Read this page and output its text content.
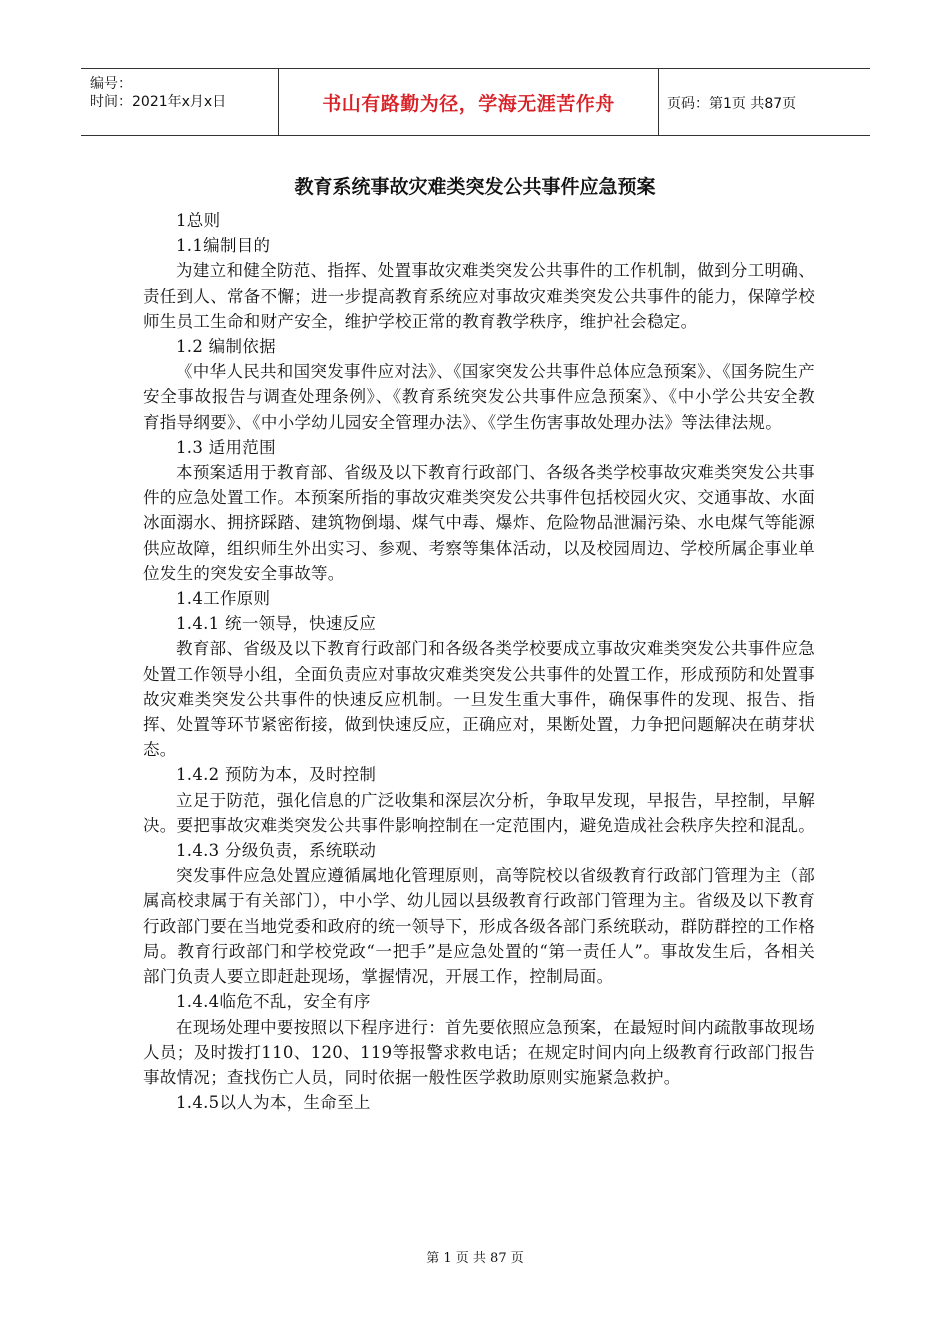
编号：
时间：2021年x月x日	书山有路勤为径，学海无涯苦作舟	页码：第1页 共87页
教育系统事故灾难类突发公共事件应急预案

1总则

1.1编制目的

为建立和健全防范、指挥、处置事故灾难类突发公共事件的工作机制，做到分工明确、责任到人、常备不懈；进一步提高教育系统应对事故灾难类突发公共事件的能力，保障学校师生员工生命和财产安全，维护学校正常的教育教学秩序，维护社会稳定。

1.2 编制依据

《中华人民共和国突发事件应对法》、《国家突发公共事件总体应急预案》、《国务院生产安全事故报告与调查处理条例》、《教育系统突发公共事件应急预案》、《中小学公共安全教育指导纲要》、《中小学幼儿园安全管理办法》、《学生伤害事故处理办法》等法律法规。

1.3 适用范围

本预案适用于教育部、省级及以下教育行政部门、各级各类学校事故灾难类突发公共事件的应急处置工作。本预案所指的事故灾难类突发公共事件包括校园火灾、交通事故、水面冰面溺水、拥挤踩踏、建筑物倒塌、煤气中毒、爆炸、危险物品泄漏污染、水电煤气等能源供应故障，组织师生外出实习、参观、考察等集体活动，以及校园周边、学校所属企事业单位发生的突发安全事故等。

1.4工作原则

1.4.1 统一领导，快速反应

教育部、省级及以下教育行政部门和各级各类学校要成立事故灾难类突发公共事件应急处置工作领导小组，全面负责应对事故灾难类突发公共事件的处置工作，形成预防和处置事故灾难类突发公共事件的快速反应机制。一旦发生重大事件，确保事件的发现、报告、指挥、处置等环节紧密衔接，做到快速反应，正确应对，果断处置，力争把问题解决在萌芽状态。

1.4.2 预防为本，及时控制

立足于防范，强化信息的广泛收集和深层次分析，争取早发现，早报告，早控制，早解决。要把事故灾难类突发公共事件影响控制在一定范围内，避免造成社会秩序失控和混乱。

1.4.3 分级负责，系统联动

突发事件应急处置应遵循属地化管理原则，高等院校以省级教育行政部门管理为主（部属高校隶属于有关部门），中小学、幼儿园以县级教育行政部门管理为主。省级及以下教育行政部门要在当地党委和政府的统一领导下，形成各级各部门系统联动，群防群控的工作格局。教育行政部门和学校党政“一把手”是应急处置的“第一责任人”。事故发生后，各相关部门负责人要立即赶赴现场，掌握情况，开展工作，控制局面。

1.4.4临危不乱，安全有序

在现场处理中要按照以下程序进行：首先要依照应急预案，在最短时间内疏散事故现场人员；及时拨打110、120、119等报警求救电话；在规定时间内向上级教育行政部门报告事故情况；查找伤亡人员，同时依据一般性医学救助原则实施紧急救护。

1.4.5以人为本，生命至上

第 1 页 共 87 页
